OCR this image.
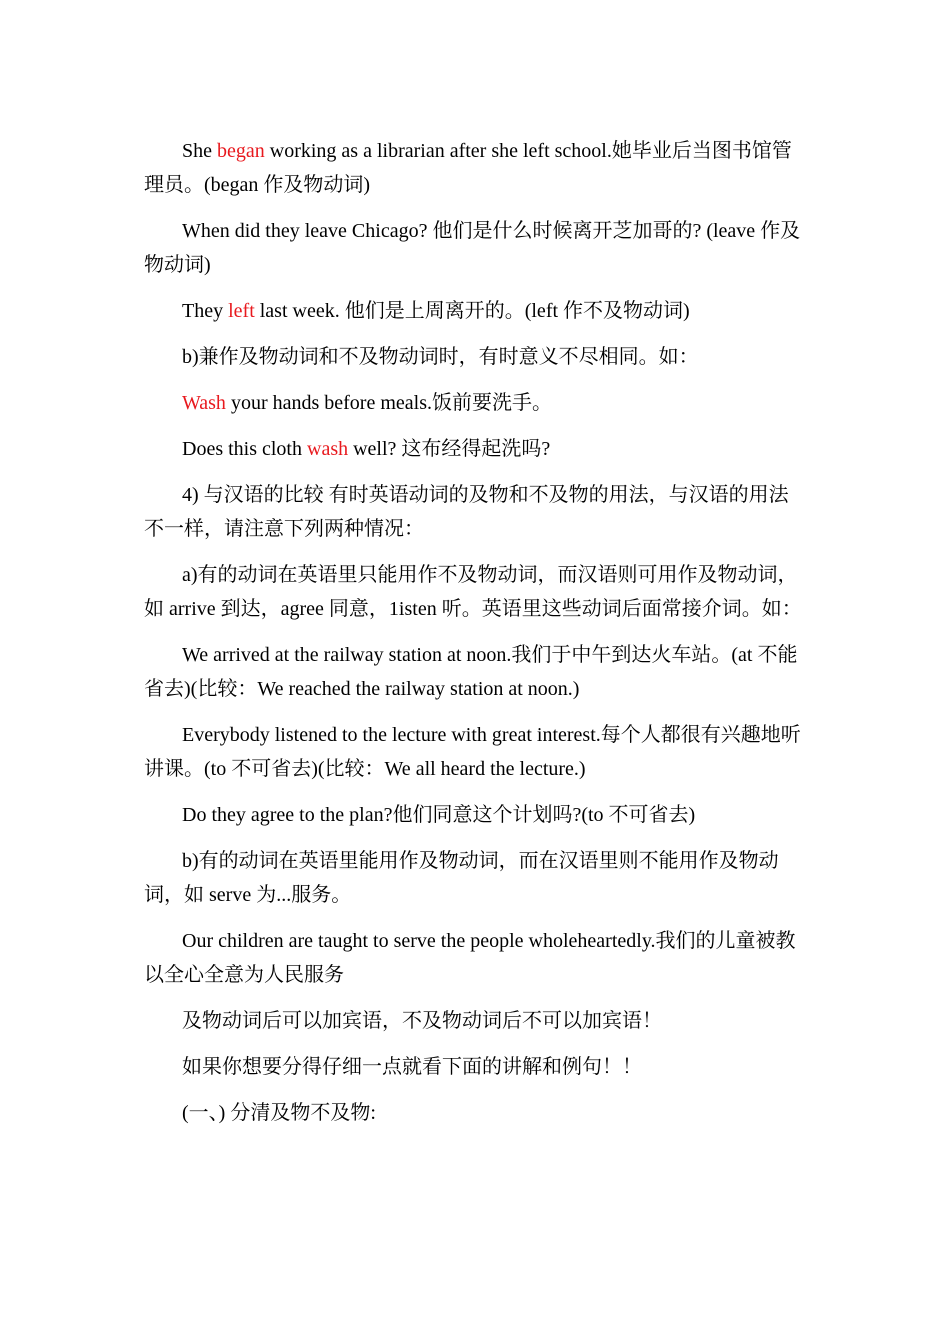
She began working as a librarian after she left school.她毕业后当图书馆管理员。(began 作及物动词)

When did they leave Chicago? 他们是什么时候离开芝加哥的? (leave 作及物动词)

They left last week. 他们是上周离开的。(left 作不及物动词)

b)兼作及物动词和不及物动词时，有时意义不尽相同。如：

Wash your hands before meals.饭前要洗手。

Does this cloth wash well? 这布经得起洗吗?

4) 与汉语的比较 有时英语动词的及物和不及物的用法，与汉语的用法不一样，请注意下列两种情况：

a)有的动词在英语里只能用作不及物动词，而汉语则可用作及物动词，如 arrive 到达，agree 同意，1isten 听。英语里这些动词后面常接介词。如：

We arrived at the railway station at noon.我们于中午到达火车站。(at 不能省去)(比较：We reached the railway station at noon.)

Everybody listened to the lecture with great interest.每个人都很有兴趣地听讲课。(to 不可省去)(比较：We all heard the lecture.)

Do they agree to the plan?他们同意这个计划吗?(to 不可省去)

b)有的动词在英语里能用作及物动词，而在汉语里则不能用作及物动词，如 serve 为...服务。

Our children are taught to serve the people wholeheartedly.我们的儿童被教以全心全意为人民服务

及物动词后可以加宾语，不及物动词后不可以加宾语！

如果你想要分得仔细一点就看下面的讲解和例句！！

(一、) 分清及物不及物:
